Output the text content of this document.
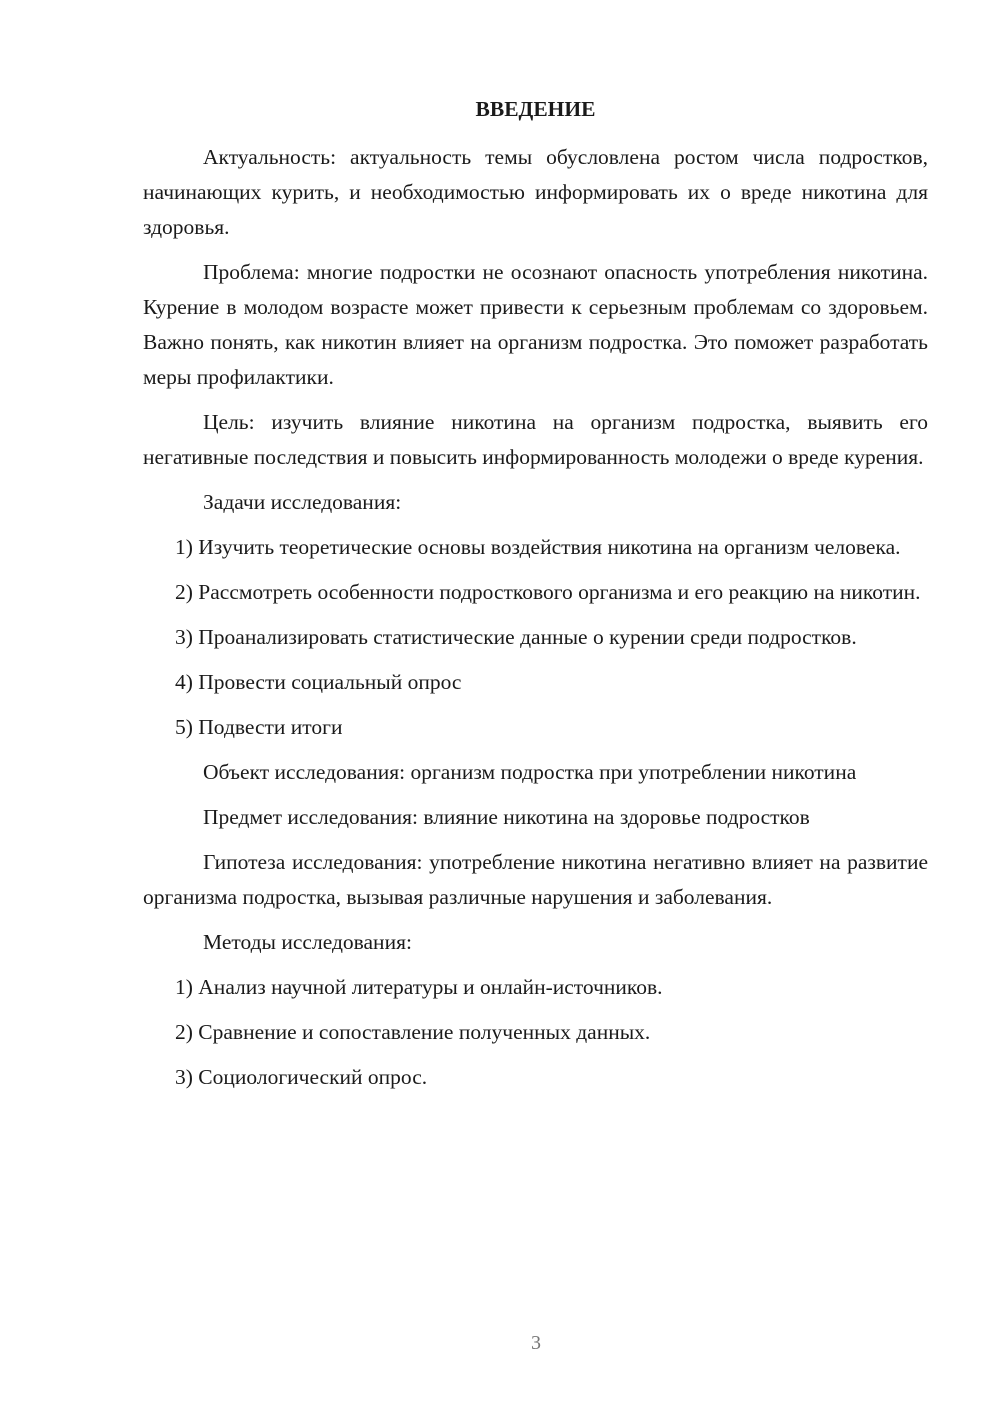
ВВЕДЕНИЕ

Актуальность: актуальность темы обусловлена ростом числа подростков, начинающих курить, и необходимостью информировать их о вреде никотина для здоровья.

Проблема: многие подростки не осознают опасность употребления никотина. Курение в молодом возрасте может привести к серьезным проблемам со здоровьем. Важно понять, как никотин влияет на организм подростка. Это поможет разработать меры профилактики.

Цель: изучить влияние никотина на организм подростка, выявить его негативные последствия и повысить информированность молодежи о вреде курения.

Задачи исследования:

1) Изучить теоретические основы воздействия никотина на организм человека.

2) Рассмотреть особенности подросткового организма и его реакцию на никотин.

3) Проанализировать статистические данные о курении среди подростков.

4) Провести социальный опрос

5) Подвести итоги

Объект исследования: организм подростка при употреблении никотина

Предмет исследования: влияние никотина на здоровье подростков

Гипотеза исследования: употребление никотина негативно влияет на развитие организма подростка, вызывая различные нарушения и заболевания.

Методы исследования:

1) Анализ научной литературы и онлайн-источников.

2) Сравнение и сопоставление полученных данных.

3) Социологический опрос.

3
